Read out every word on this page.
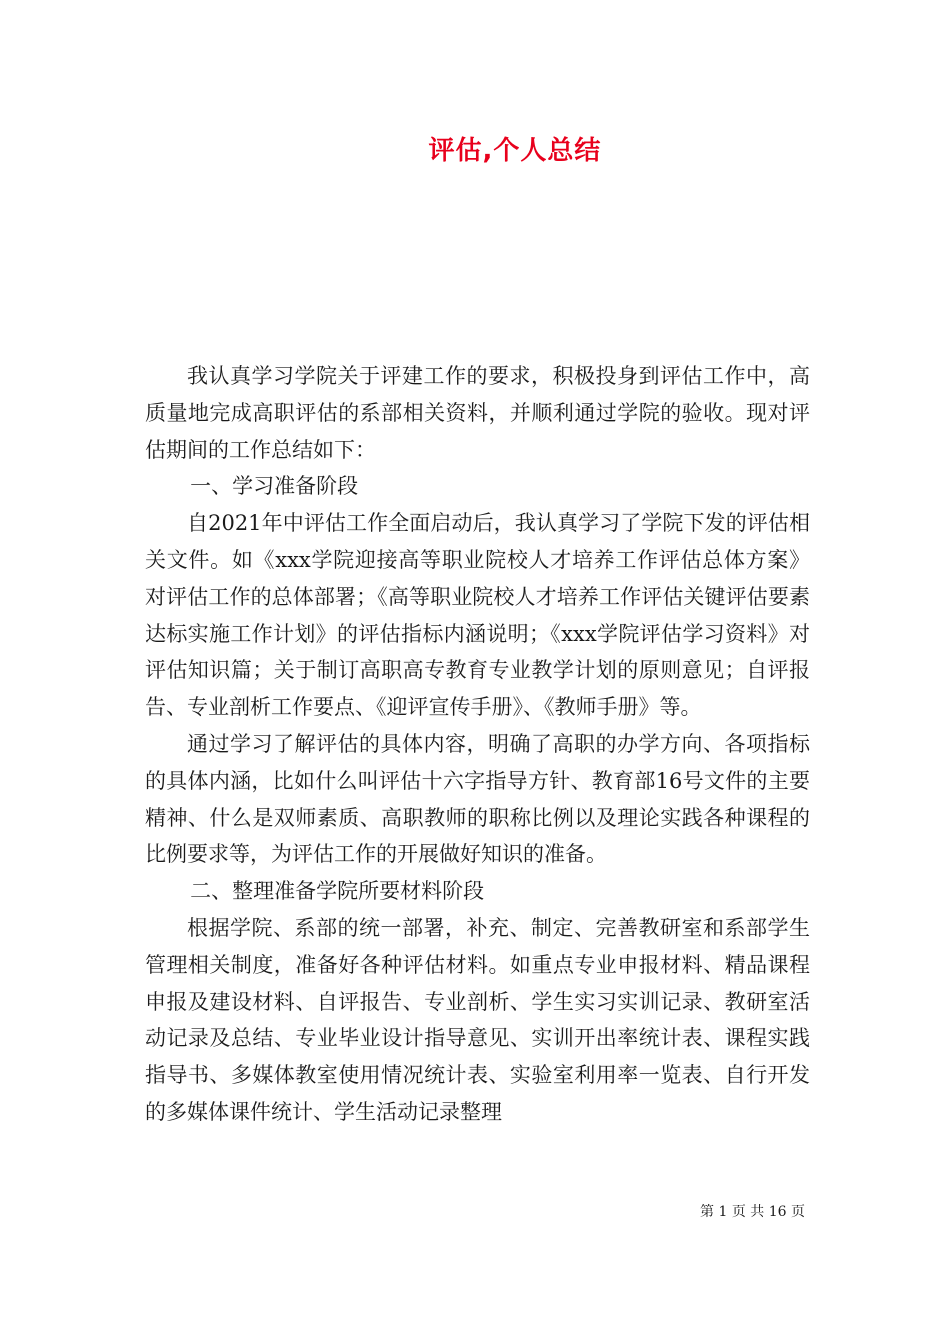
评估,个人总结

我认真学习学院关于评建工作的要求，积极投身到评估工作中，高质量地完成高职评估的系部相关资料，并顺利通过学院的验收。现对评估期间的工作总结如下：

一、学习准备阶段

自2021年中评估工作全面启动后，我认真学习了学院下发的评估相关文件。如《xxx学院迎接高等职业院校人才培养工作评估总体方案》对评估工作的总体部署；《高等职业院校人才培养工作评估关键评估要素达标实施工作计划》的评估指标内涵说明；《xxx学院评估学习资料》对评估知识篇；关于制订高职高专教育专业教学计划的原则意见；自评报告、专业剖析工作要点、《迎评宣传手册》、《教师手册》等。

通过学习了解评估的具体内容，明确了高职的办学方向、各项指标的具体内涵，比如什么叫评估十六字指导方针、教育部16号文件的主要精神、什么是双师素质、高职教师的职称比例以及理论实践各种课程的比例要求等，为评估工作的开展做好知识的准备。

二、整理准备学院所要材料阶段

根据学院、系部的统一部署，补充、制定、完善教研室和系部学生管理相关制度，准备好各种评估材料。如重点专业申报材料、精品课程申报及建设材料、自评报告、专业剖析、学生实习实训记录、教研室活动记录及总结、专业毕业设计指导意见、实训开出率统计表、课程实践指导书、多媒体教室使用情况统计表、实验室利用率一览表、自行开发的多媒体课件统计、学生活动记录整理

第 1 页 共 16 页
